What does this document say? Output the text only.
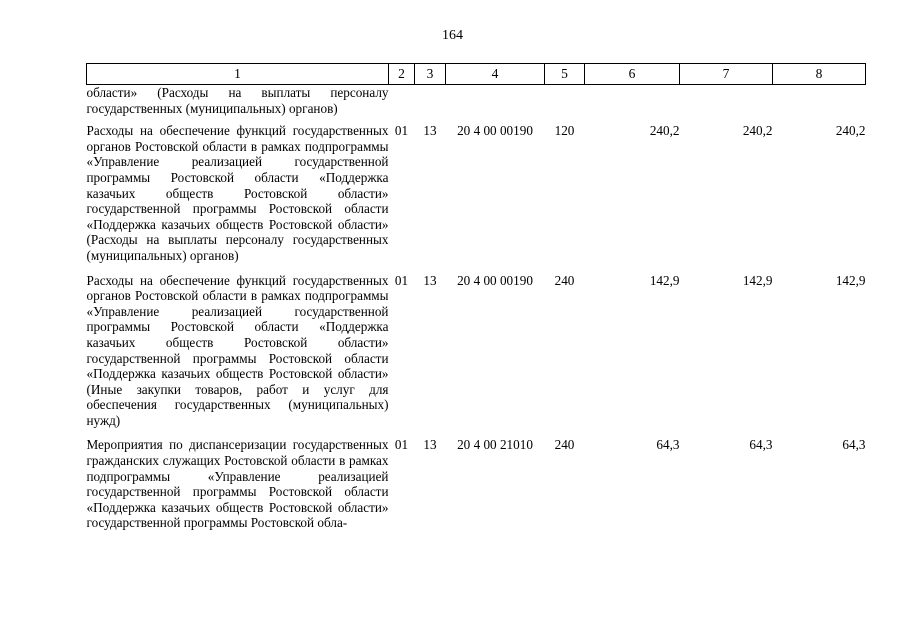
164
1	2	3	4	5	6	7	8
области» (Расходы на выплаты персоналу государственных (муниципальных) органов)							
Расходы на обеспечение функций государственных органов Ростовской области в рамках подпрограммы «Управление реализацией государственной программы Ростовской области «Поддержка казачьих обществ Ростовской области» государственной программы Ростовской области «Поддержка казачьих обществ Ростовской области» (Расходы на выплаты персоналу государственных (муниципальных) органов)	01	13	20 4 00 00190	120	240,2	240,2	240,2
Расходы на обеспечение функций государственных органов Ростовской области в рамках подпрограммы «Управление реализацией государственной программы Ростовской области «Поддержка казачьих обществ Ростовской области» государственной программы Ростовской области «Поддержка казачьих обществ Ростовской области» (Иные закупки товаров, работ и услуг для обеспечения государственных (муниципальных) нужд)	01	13	20 4 00 00190	240	142,9	142,9	142,9
Мероприятия по диспансеризации государственных гражданских служащих Ростовской области в рамках подпрограммы «Управление реализацией государственной программы Ростовской области «Поддержка казачьих обществ Ростовской области» государственной программы Ростовской обла-	01	13	20 4 00 21010	240	64,3	64,3	64,3
